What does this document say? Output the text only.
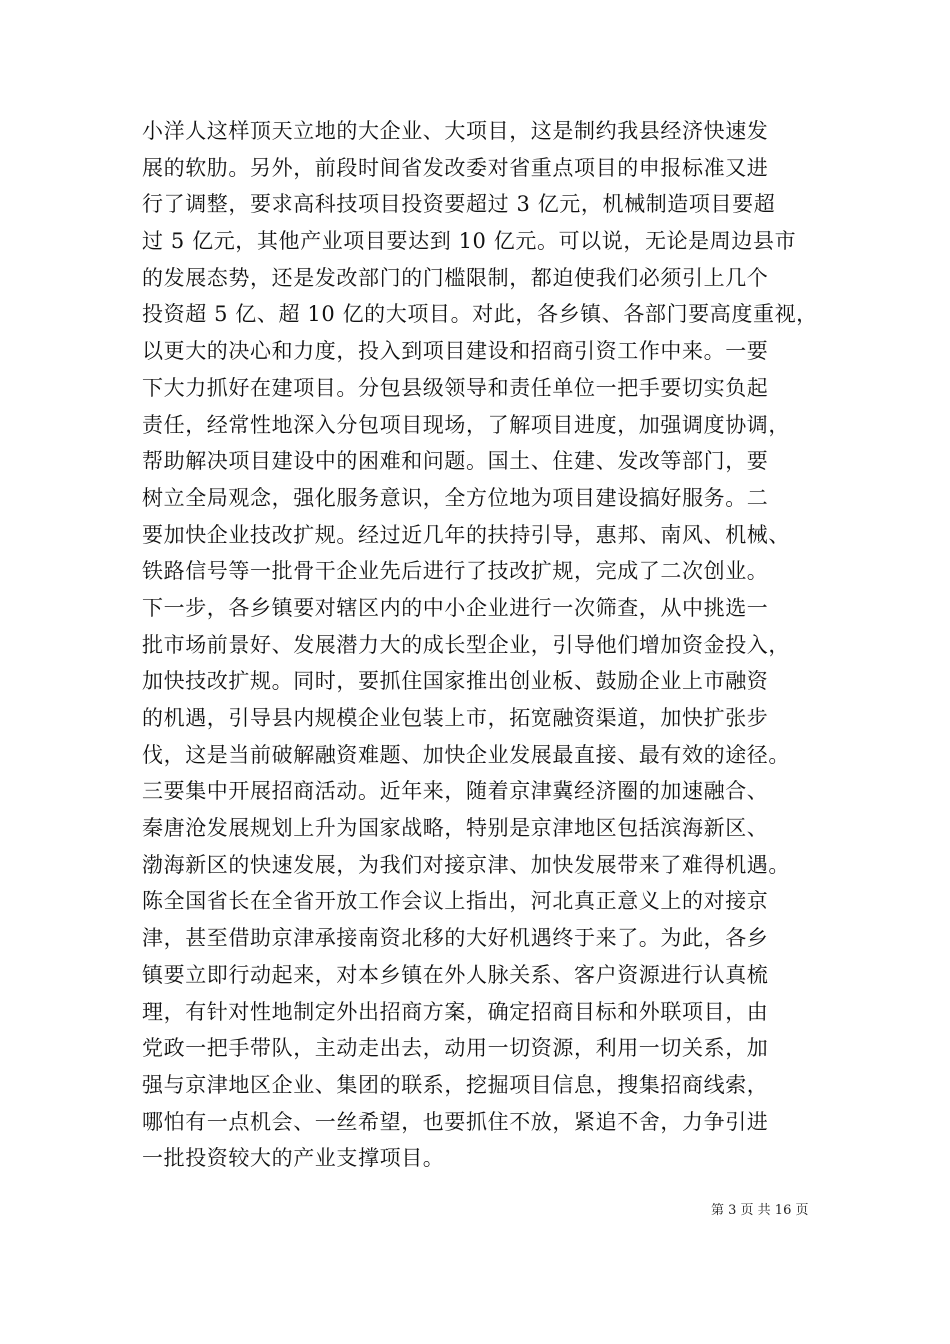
小洋人这样顶天立地的大企业、大项目，这是制约我县经济快速发
展的软肋。另外，前段时间省发改委对省重点项目的申报标准又进
行了调整，要求高科技项目投资要超过 3 亿元，机械制造项目要超
过 5 亿元，其他产业项目要达到 10 亿元。可以说，无论是周边县市
的发展态势，还是发改部门的门槛限制，都迫使我们必须引上几个
投资超 5 亿、超 10 亿的大项目。对此，各乡镇、各部门要高度重视，
以更大的决心和力度，投入到项目建设和招商引资工作中来。一要
下大力抓好在建项目。分包县级领导和责任单位一把手要切实负起
责任，经常性地深入分包项目现场，了解项目进度，加强调度协调，
帮助解决项目建设中的困难和问题。国土、住建、发改等部门，要
树立全局观念，强化服务意识，全方位地为项目建设搞好服务。二
要加快企业技改扩规。经过近几年的扶持引导，惠邦、南风、机械、
铁路信号等一批骨干企业先后进行了技改扩规，完成了二次创业。
下一步，各乡镇要对辖区内的中小企业进行一次筛查，从中挑选一
批市场前景好、发展潜力大的成长型企业，引导他们增加资金投入，
加快技改扩规。同时，要抓住国家推出创业板、鼓励企业上市融资
的机遇，引导县内规模企业包装上市，拓宽融资渠道，加快扩张步
伐，这是当前破解融资难题、加快企业发展最直接、最有效的途径。
三要集中开展招商活动。近年来，随着京津冀经济圈的加速融合、
秦唐沧发展规划上升为国家战略，特别是京津地区包括滨海新区、
渤海新区的快速发展，为我们对接京津、加快发展带来了难得机遇。
陈全国省长在全省开放工作会议上指出，河北真正意义上的对接京
津，甚至借助京津承接南资北移的大好机遇终于来了。为此，各乡
镇要立即行动起来，对本乡镇在外人脉关系、客户资源进行认真梳
理，有针对性地制定外出招商方案，确定招商目标和外联项目，由
党政一把手带队，主动走出去，动用一切资源，利用一切关系，加
强与京津地区企业、集团的联系，挖掘项目信息，搜集招商线索，
哪怕有一点机会、一丝希望，也要抓住不放，紧追不舍，力争引进
一批投资较大的产业支撑项目。
第 3 页 共 16 页
